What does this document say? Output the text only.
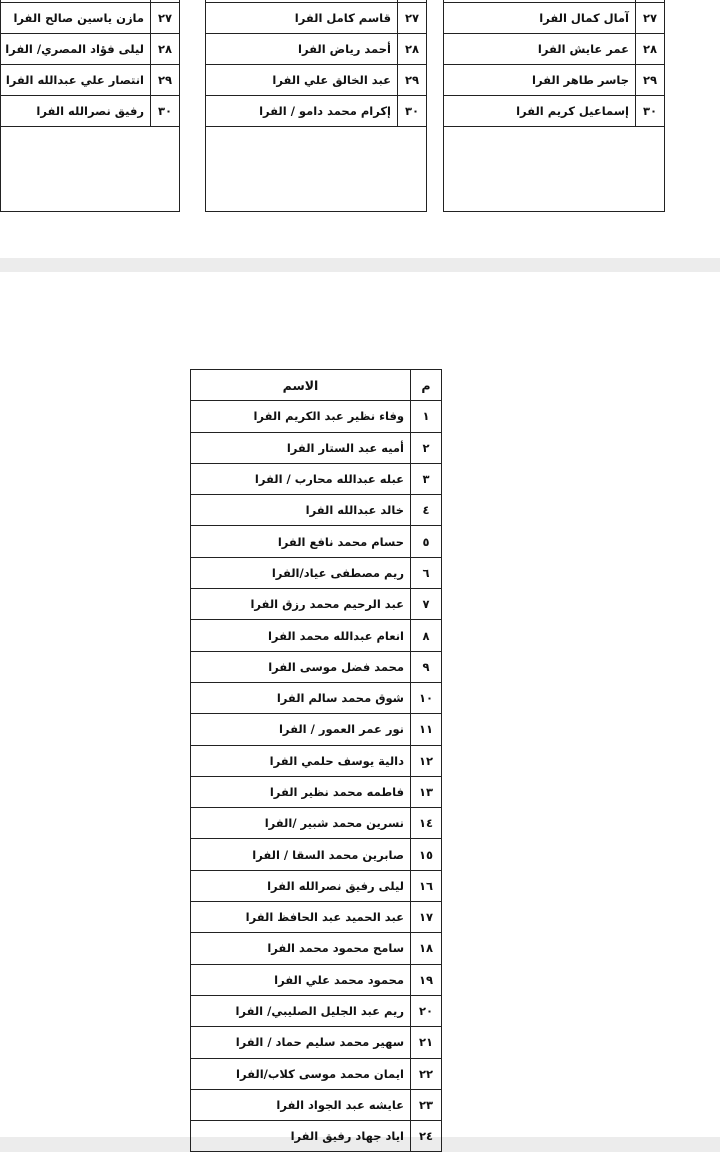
٢٧	مازن ياسين صالح الفرا
٢٨	ليلى فؤاد المصري/ الفرا
٢٩	انتصار علي عبدالله الفرا
٣٠	رفيق نصرالله الفرا

٢٧	قاسم كامل الفرا
٢٨	أحمد رياض الفرا
٢٩	عبد الخالق علي الفرا
٣٠	إكرام محمد دامو / الفرا

٢٧	آمال كمال الفرا
٢٨	عمر عايش الفرا
٢٩	جاسر طاهر الفرا
٣٠	إسماعيل كريم الفرا

م	الاسم
١	وفاء نظير عبد الكريم الفرا
٢	أميه عبد الستار الفرا
٣	عبله عبدالله محارب / الفرا
٤	خالد عبدالله الفرا
٥	حسام محمد نافع الفرا
٦	ريم مصطفى عياد/الفرا
٧	عبد الرحيم محمد رزق الفرا
٨	انعام عبدالله محمد الفرا
٩	محمد فضل موسى الفرا
١٠	شوق محمد سالم الفرا
١١	نور عمر العمور / الفرا
١٢	دالية يوسف حلمي الفرا
١٣	فاطمه محمد نظير الفرا
١٤	نسرين محمد شبير /الفرا
١٥	صابرين محمد السقا / الفرا
١٦	ليلى رفيق نصرالله الفرا
١٧	عبد الحميد عبد الحافظ الفرا
١٨	سامح محمود محمد الفرا
١٩	محمود محمد علي الفرا
٢٠	ريم عبد الجليل الصليبي/ الفرا
٢١	سهير محمد سليم حماد / الفرا
٢٢	ايمان محمد موسى كلاب/الفرا
٢٣	عايشه عبد الجواد الفرا
٢٤	اياد جهاد رفيق الفرا
